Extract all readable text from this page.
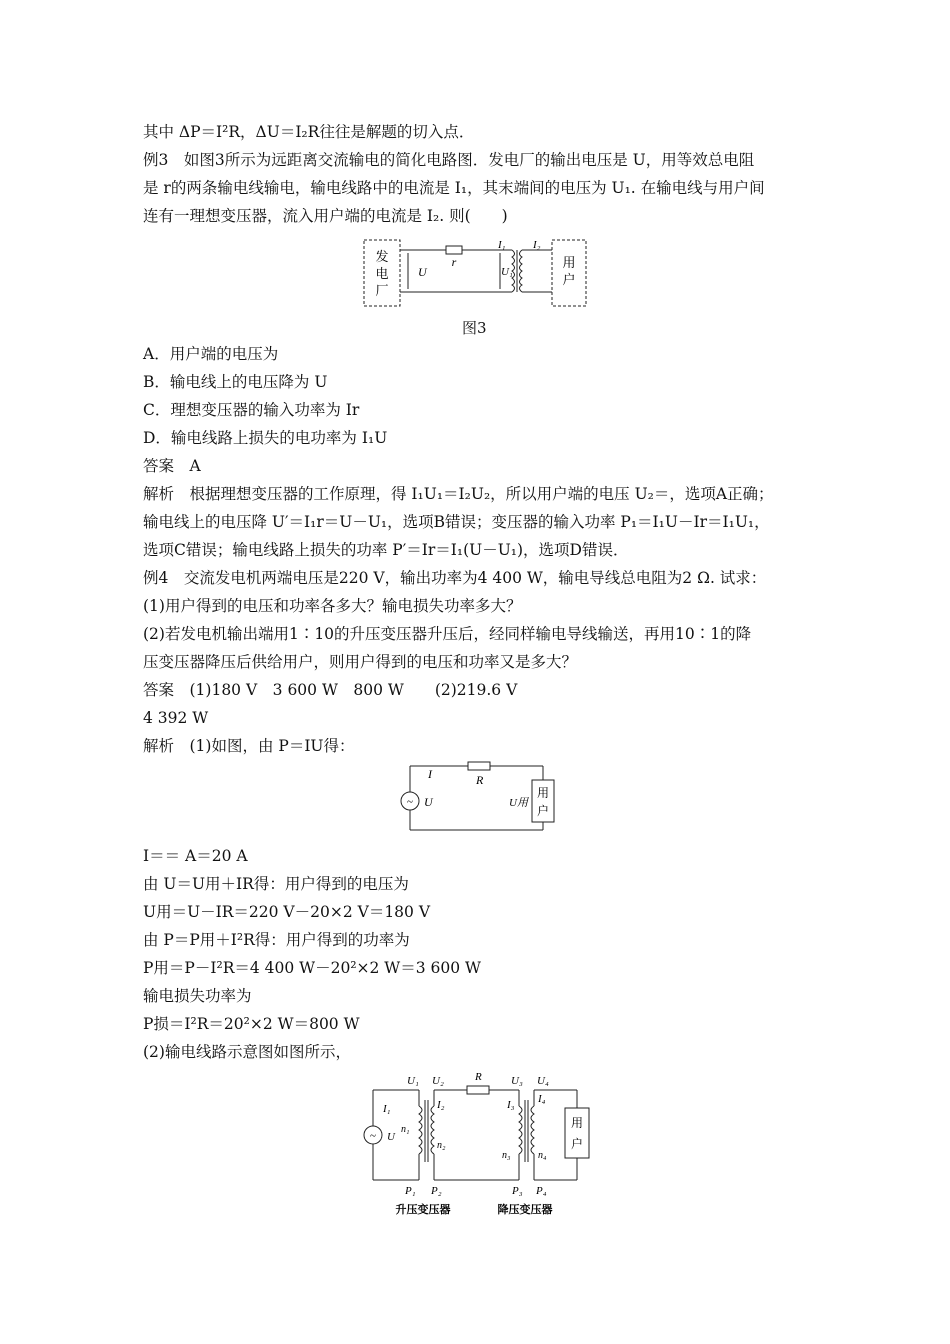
其中 ΔP＝I²R，ΔU＝I₂R往往是解题的切入点．
例3　如图3所示为远距离交流输电的简化电路图．发电厂的输出电压是 U，用等效总电阻
是 r的两条输电线输电，输电线路中的电流是 I₁，其末端间的电压为 U₁. 在输电线与用户间
连有一理想变压器，流入用户端的电流是 I₂. 则(　　)
发
电
厂
r
U	U₁
I₁	I₂
用
户
图3
A．用户端的电压为
B．输电线上的电压降为 U
C．理想变压器的输入功率为 Ir
D．输电线路上损失的电功率为 I₁U
答案　A
解析　根据理想变压器的工作原理，得 I₁U₁＝I₂U₂，所以用户端的电压 U₂＝，选项A正确；
输电线上的电压降 U′＝I₁r＝U－U₁，选项B错误；变压器的输入功率 P₁＝I₁U－Ir＝I₁U₁，
选项C错误；输电线路上损失的功率 P′＝Ir＝I₁(U－U₁)，选项D错误．
例4　交流发电机两端电压是220 V，输出功率为4 400 W，输电导线总电阻为2 Ω. 试求：
(1)用户得到的电压和功率各多大？输电损失功率多大？
(2)若发电机输出端用1∶10的升压变压器升压后，经同样输电导线输送，再用10∶1的降
压变压器降压后供给用户，则用户得到的电压和功率又是多大？
答案　(1)180 V　3 600 W　800 W　　(2)219.6 V
4 392 W
解析　(1)如图，由 P＝IU得：
~ U
I	R
用
户
U用
I＝＝ A＝20 A
由 U＝U用＋IR得：用户得到的电压为
U用＝U－IR＝220 V－20×2 V＝180 V
由 P＝P用＋I²R得：用户得到的功率为
P用＝P－I²R＝4 400 W－20²×2 W＝3 600 W
输电损失功率为
P损＝I²R＝20²×2 W＝800 W
(2)输电线路示意图如图所示，
U₁ U₂	R	U₃ U₄
~ U
I₁
n₁
I₂
n₂
I₃
n₃
I₄
n₄
用
户
P₁ P₂	P₃ P₄
升压变压器	降压变压器
